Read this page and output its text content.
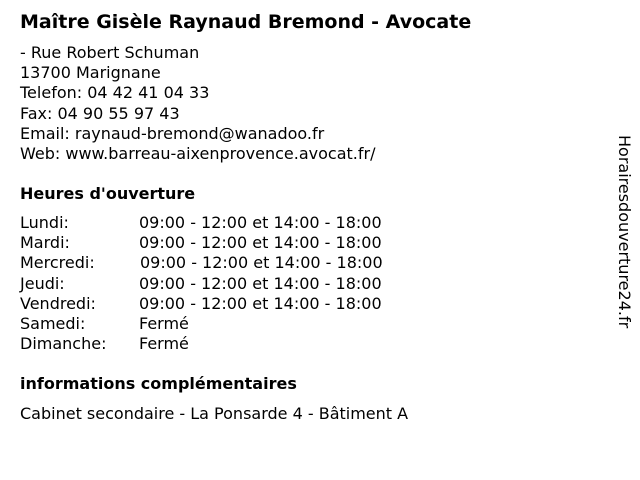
Maître Gisèle Raynaud Bremond - Avocate
- Rue Robert Schuman
13700 Marignane
Telefon: 04 42 41 04 33
Fax: 04 90 55 97 43
Email: raynaud-bremond@wanadoo.fr
Web: www.barreau-aixenprovence.avocat.fr/
Heures d'ouverture
Lundi:	09:00 - 12:00 et 14:00 - 18:00
Mardi:	09:00 - 12:00 et 14:00 - 18:00
Mercredi:	09:00 - 12:00 et 14:00 - 18:00
Jeudi:	09:00 - 12:00 et 14:00 - 18:00
Vendredi:	09:00 - 12:00 et 14:00 - 18:00
Samedi:	Fermé
Dimanche: Fermé
informations complémentaires
Cabinet secondaire - La Ponsarde 4 - Bâtiment A
Horairesdouverture24.fr
